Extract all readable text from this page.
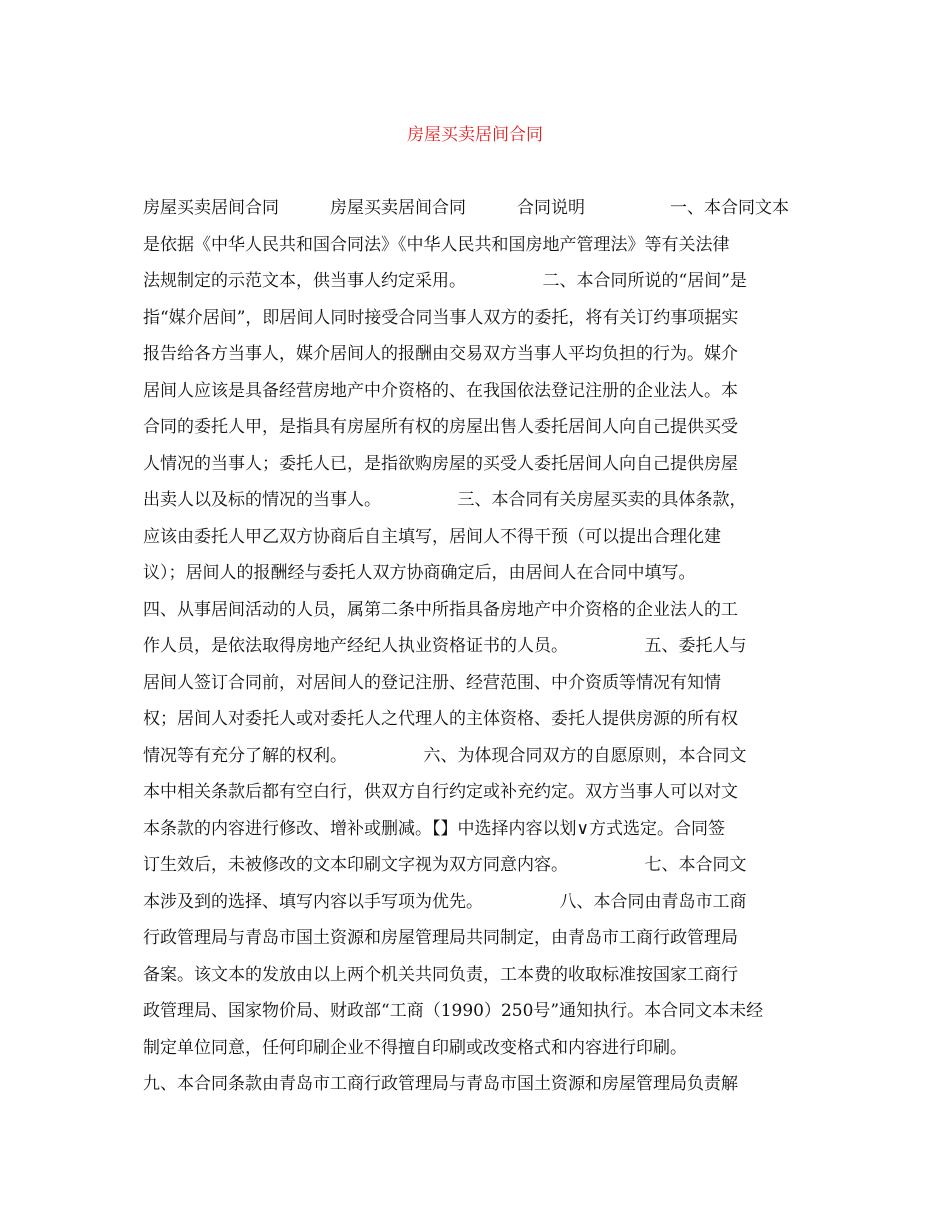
房屋买卖居间合同
房屋买卖居间合同　　　房屋买卖居间合同　　　合同说明　　　　　一、本合同文本
是依据《中华人民共和国合同法》《中华人民共和国房地产管理法》等有关法律
法规制定的示范文本，供当事人约定采用。　　　　　二、本合同所说的“居间”是
指“媒介居间”，即居间人同时接受合同当事人双方的委托，将有关订约事项据实
报告给各方当事人，媒介居间人的报酬由交易双方当事人平均负担的行为。媒介
居间人应该是具备经营房地产中介资格的、在我国依法登记注册的企业法人。本
合同的委托人甲，是指具有房屋所有权的房屋出售人委托居间人向自己提供买受
人情况的当事人；委托人已，是指欲购房屋的买受人委托居间人向自己提供房屋
出卖人以及标的情况的当事人。　　　　　三、本合同有关房屋买卖的具体条款，
应该由委托人甲乙双方协商后自主填写，居间人不得干预（可以提出合理化建
议）；居间人的报酬经与委托人双方协商确定后，由居间人在合同中填写。
四、从事居间活动的人员，属第二条中所指具备房地产中介资格的企业法人的工
作人员，是依法取得房地产经纪人执业资格证书的人员。　　　　　五、委托人与
居间人签订合同前，对居间人的登记注册、经营范围、中介资质等情况有知情
权；居间人对委托人或对委托人之代理人的主体资格、委托人提供房源的所有权
情况等有充分了解的权利。　　　　　六、为体现合同双方的自愿原则，本合同文
本中相关条款后都有空白行，供双方自行约定或补充约定。双方当事人可以对文
本条款的内容进行修改、增补或删减。【】中选择内容以划∨方式选定。合同签
订生效后，未被修改的文本印刷文字视为双方同意内容。　　　　　七、本合同文
本涉及到的选择、填写内容以手写项为优先。　　　　　八、本合同由青岛市工商
行政管理局与青岛市国土资源和房屋管理局共同制定，由青岛市工商行政管理局
备案。该文本的发放由以上两个机关共同负责，工本费的收取标准按国家工商行
政管理局、国家物价局、财政部“工商（1990）250号”通知执行。本合同文本未经
制定单位同意，任何印刷企业不得擅自印刷或改变格式和内容进行印刷。
九、本合同条款由青岛市工商行政管理局与青岛市国土资源和房屋管理局负责解
